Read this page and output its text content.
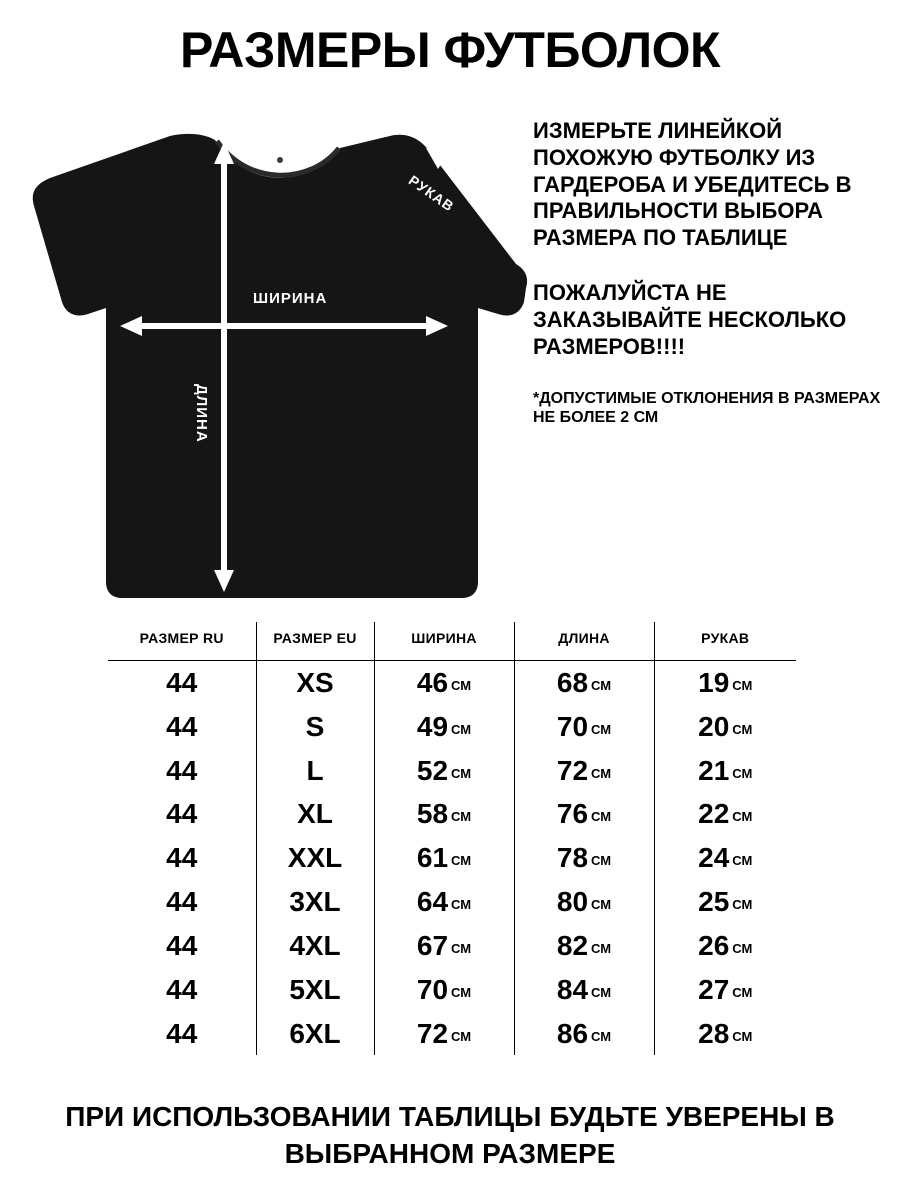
РАЗМЕРЫ ФУТБОЛОК
ШИРИНА
ДЛИНА
РУКАВ
ИЗМЕРЬТЕ ЛИНЕЙКОЙ ПОХОЖУЮ ФУТБОЛКУ ИЗ ГАРДЕРОБА И УБЕДИТЕСЬ В ПРАВИЛЬНОСТИ ВЫБОРА РАЗМЕРА ПО ТАБЛИЦЕ
ПОЖАЛУЙСТА НЕ ЗАКАЗЫВАЙТЕ НЕСКОЛЬКО РАЗМЕРОВ!!!!
*ДОПУСТИМЫЕ ОТКЛОНЕНИЯ В РАЗМЕРАХ НЕ БОЛЕЕ 2 СМ
РАЗМЕР RU	РАЗМЕР EU	ШИРИНА	ДЛИНА	РУКАВ
44	XS	46 СМ	68 СМ	19 СМ
44	S	49 СМ	70 СМ	20 СМ
44	L	52 СМ	72 СМ	21 СМ
44	XL	58 СМ	76 СМ	22 СМ
44	XXL	61 СМ	78 СМ	24 СМ
44	3XL	64 СМ	80 СМ	25 СМ
44	4XL	67 СМ	82 СМ	26 СМ
44	5XL	70 СМ	84 СМ	27 СМ
44	6XL	72 СМ	86 СМ	28 СМ
ПРИ ИСПОЛЬЗОВАНИИ ТАБЛИЦЫ БУДЬТЕ УВЕРЕНЫ В ВЫБРАННОМ РАЗМЕРЕ
